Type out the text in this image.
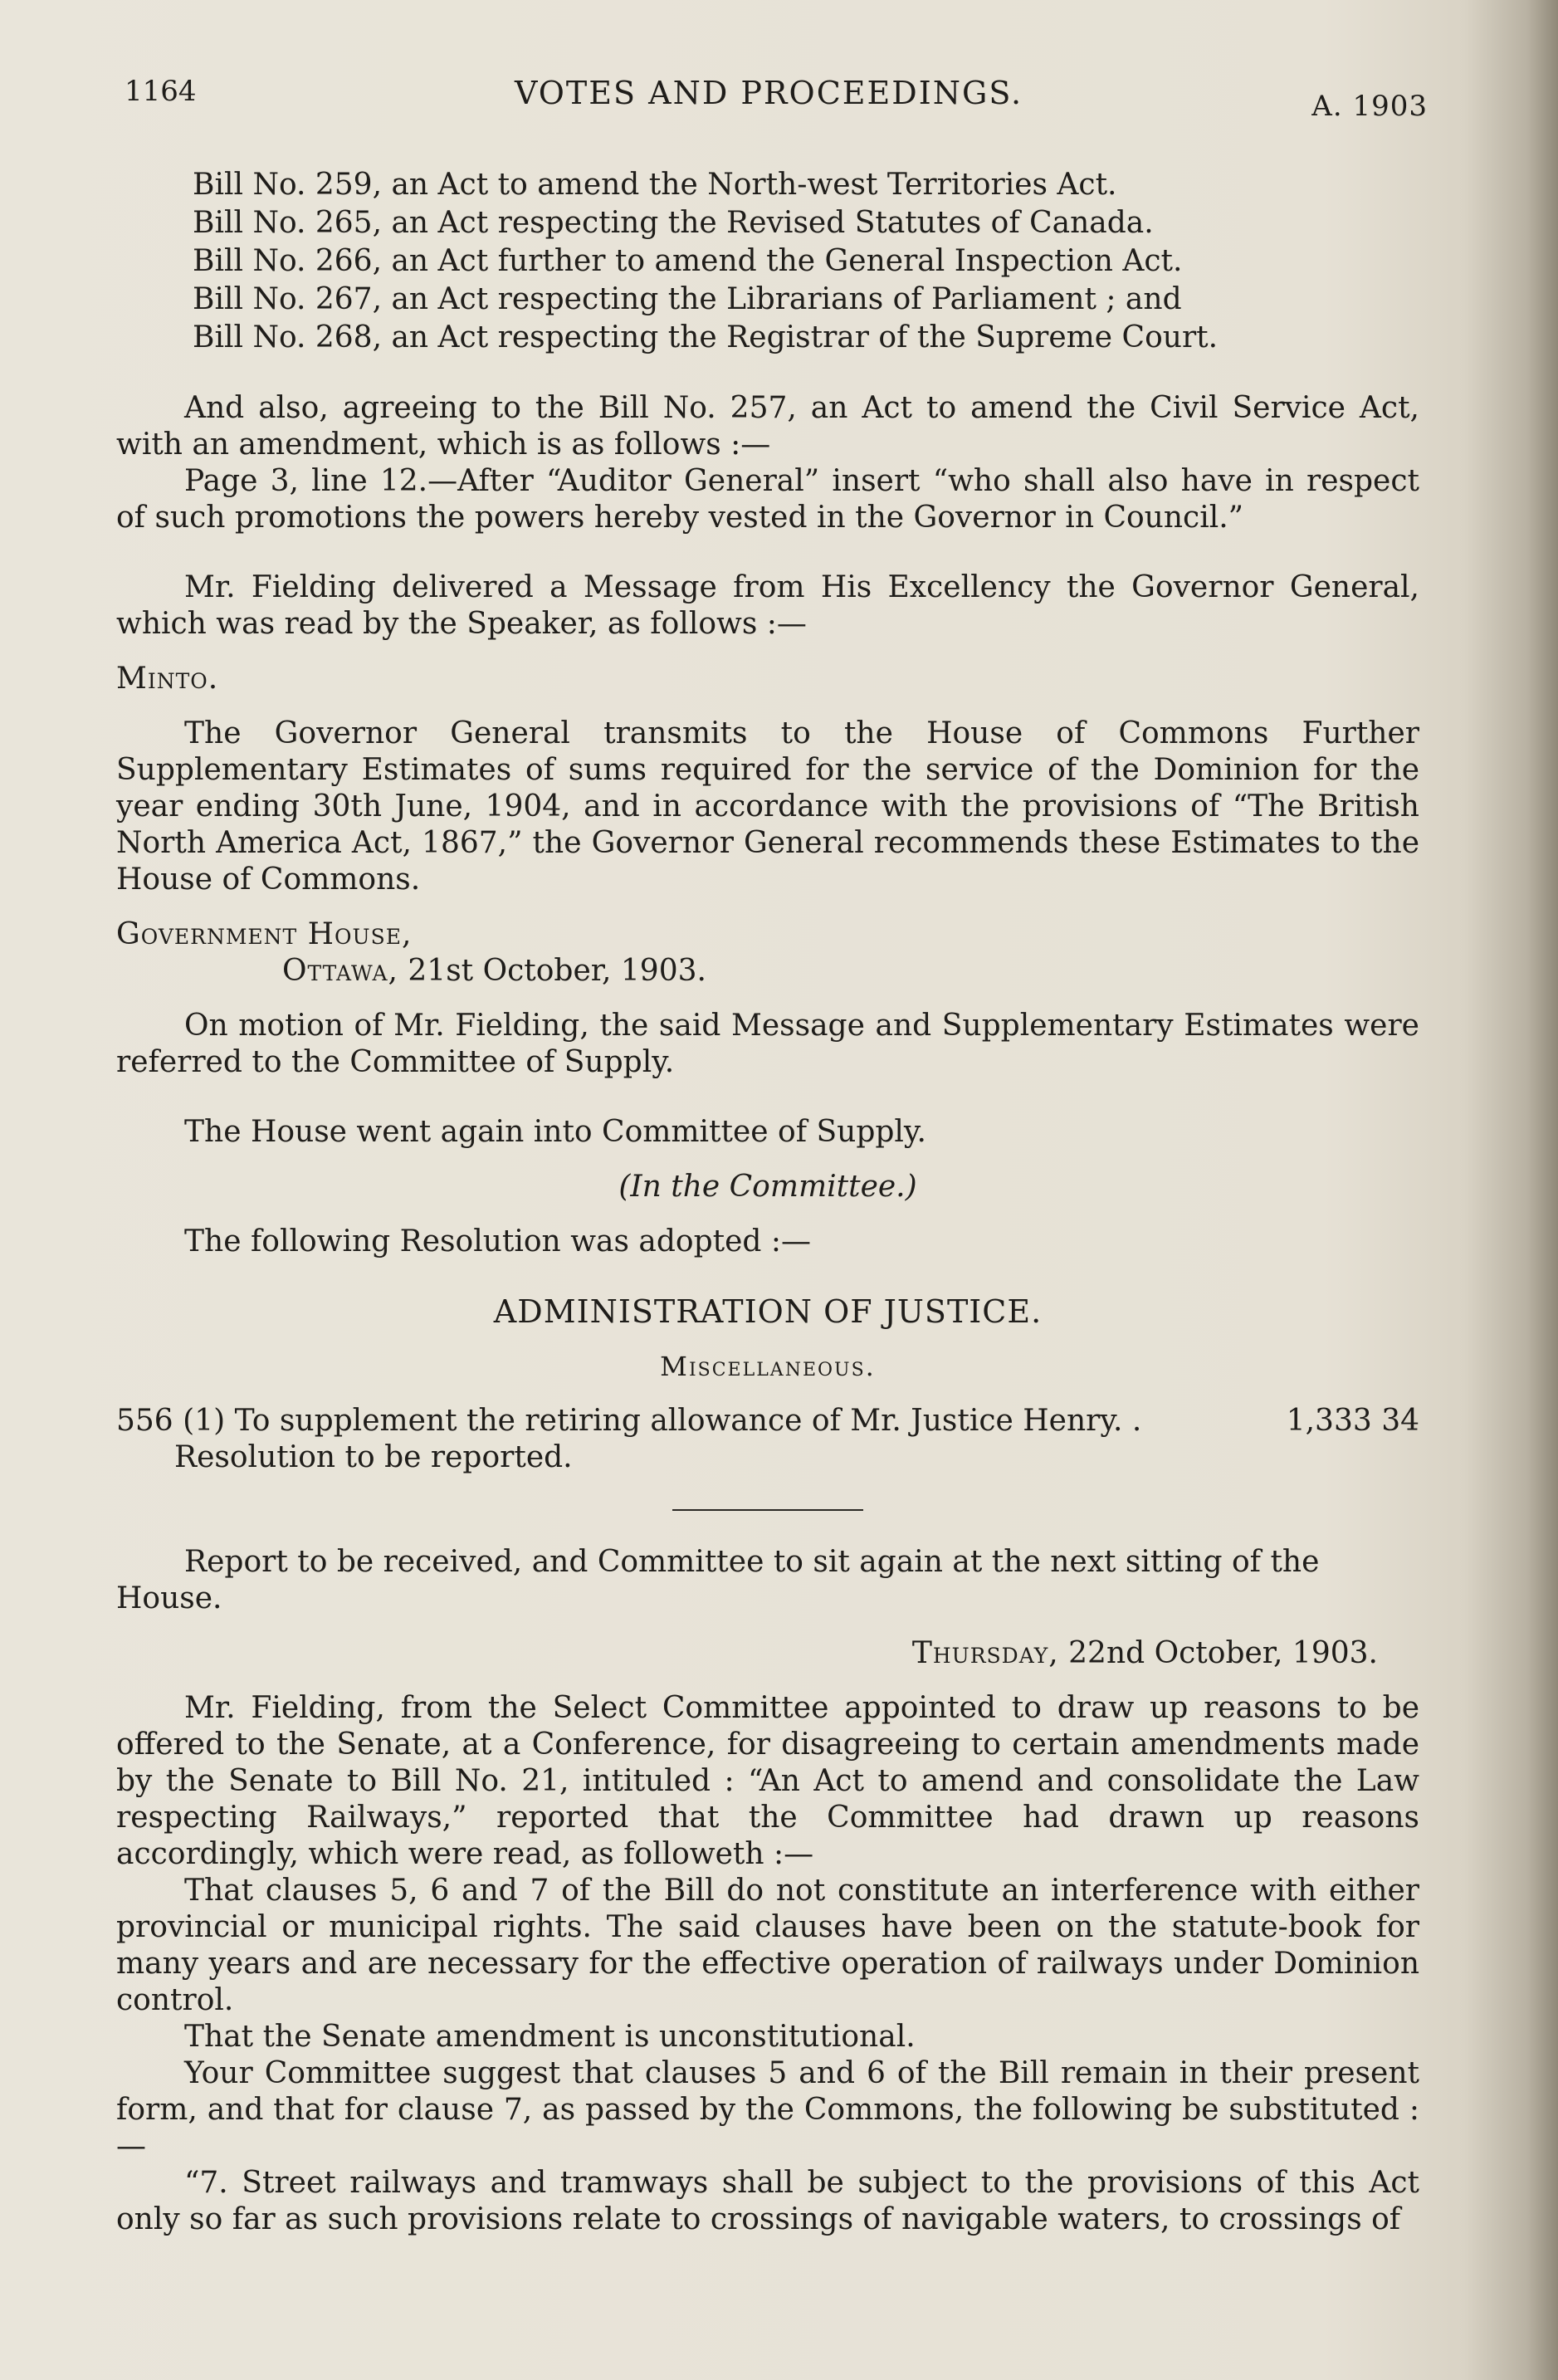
1164	VOTES AND PROCEEDINGS.	A. 1903
Bill No. 259, an Act to amend the North-west Territories Act.
Bill No. 265, an Act respecting the Revised Statutes of Canada.
Bill No. 266, an Act further to amend the General Inspection Act.
Bill No. 267, an Act respecting the Librarians of Parliament ; and
Bill No. 268, an Act respecting the Registrar of the Supreme Court.

And also, agreeing to the Bill No. 257, an Act to amend the Civil Service Act, with an amendment, which is as follows :—

Page 3, line 12.—After “Auditor General” insert “who shall also have in respect of such promotions the powers hereby vested in the Governor in Council.”

Mr. Fielding delivered a Message from His Excellency the Governor General, which was read by the Speaker, as follows :—

Minto.

The Governor General transmits to the House of Commons Further Supplementary Estimates of sums required for the service of the Dominion for the year ending 30th June, 1904, and in accordance with the provisions of “The British North America Act, 1867,” the Governor General recommends these Estimates to the House of Commons.

Government House,
Ottawa, 21st October, 1903.

On motion of Mr. Fielding, the said Message and Supplementary Estimates were referred to the Committee of Supply.

The House went again into Committee of Supply.
(In the Committee.)
The following Resolution was adopted :—
ADMINISTRATION OF JUSTICE.
Miscellaneous.
556 (1) To supplement the retiring allowance of Mr. Justice Henry. .	1,333 34
Resolution to be reported.
Report to be received, and Committee to sit again at the next sitting of the House.
Thursday, 22nd October, 1903.

Mr. Fielding, from the Select Committee appointed to draw up reasons to be offered to the Senate, at a Conference, for disagreeing to certain amendments made by the Senate to Bill No. 21, intituled : “An Act to amend and consolidate the Law respecting Railways,” reported that the Committee had drawn up reasons accordingly, which were read, as followeth :—

That clauses 5, 6 and 7 of the Bill do not constitute an interference with either provincial or municipal rights. The said clauses have been on the statute-book for many years and are necessary for the effective operation of railways under Dominion control.

That the Senate amendment is unconstitutional.

Your Committee suggest that clauses 5 and 6 of the Bill remain in their present form, and that for clause 7, as passed by the Commons, the following be substituted :—

“7. Street railways and tramways shall be subject to the provisions of this Act only so far as such provisions relate to crossings of navigable waters, to crossings of
